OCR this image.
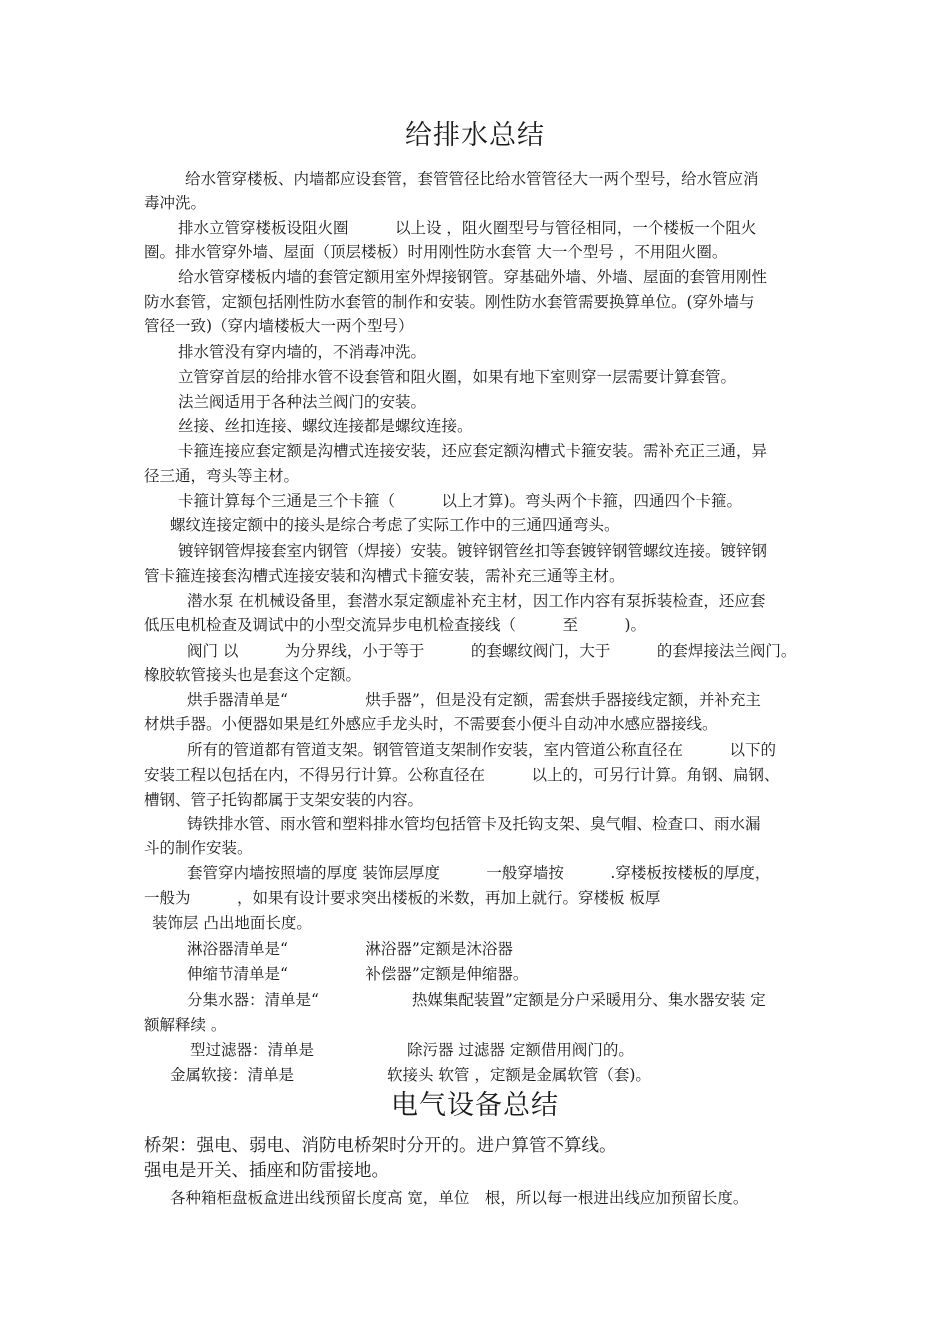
给排水总结
给水管穿楼板、内墙都应设套管，套管管径比给水管管径大一两个型号，给水管应消
毒冲洗。
排水立管穿楼板设阻火圈　　　以上设 ，阻火圈型号与管径相同，一个楼板一个阻火
圈。排水管穿外墙、屋面（顶层楼板）时用刚性防水套管 大一个型号 ，不用阻火圈。
给水管穿楼板内墙的套管定额用室外焊接钢管。穿基础外墙、外墙、屋面的套管用刚性
防水套管，定额包括刚性防水套管的制作和安装。刚性防水套管需要换算单位。(穿外墙与
管径一致)（穿内墙楼板大一两个型号）
排水管没有穿内墙的，不消毒冲洗。
立管穿首层的给排水管不设套管和阻火圈，如果有地下室则穿一层需要计算套管。
法兰阀适用于各种法兰阀门的安装。
丝接、丝扣连接、螺纹连接都是螺纹连接。
卡箍连接应套定额是沟槽式连接安装，还应套定额沟槽式卡箍安装。需补充正三通，异
径三通，弯头等主材。
卡箍计算每个三通是三个卡箍（　　　以上才算)。弯头两个卡箍，四通四个卡箍。
螺纹连接定额中的接头是综合考虑了实际工作中的三通四通弯头。
镀锌钢管焊接套室内钢管（焊接）安装。镀锌钢管丝扣等套镀锌钢管螺纹连接。镀锌钢
管卡箍连接套沟槽式连接安装和沟槽式卡箍安装，需补充三通等主材。
潜水泵 在机械设备里，套潜水泵定额虚补充主材，因工作内容有泵拆装检查，还应套
低压电机检查及调试中的小型交流异步电机检查接线（　　　至　　　)。
阀门 以　　　为分界线，小于等于　　　的套螺纹阀门，大于　　　的套焊接法兰阀门。
橡胶软管接头也是套这个定额。
烘手器清单是“　　　　　烘手器”，但是没有定额，需套烘手器接线定额，并补充主
材烘手器。小便器如果是红外感应手龙头时，不需要套小便斗自动冲水感应器接线。
所有的管道都有管道支架。钢管管道支架制作安装，室内管道公称直径在　　　以下的
安装工程以包括在内，不得另行计算。公称直径在　　　以上的，可另行计算。角钢、扁钢、
槽钢、管子托钩都属于支架安装的内容。
铸铁排水管、雨水管和塑料排水管均包括管卡及托钩支架、臭气帽、检查口、雨水漏
斗的制作安装。
套管穿内墙按照墙的厚度 装饰层厚度　　　一般穿墙按　　　.穿楼板按楼板的厚度，
一般为　　　，如果有设计要求突出楼板的米数，再加上就行。穿楼板 板厚
装饰层 凸出地面长度。
淋浴器清单是“　　　　　淋浴器”定额是沐浴器
伸缩节清单是“　　　　　补偿器”定额是伸缩器。
分集水器：清单是“　　　　　　热媒集配装置”定额是分户采暖用分、集水器安装 定
额解释续 。
型过滤器：清单是　　　　　　除污器 过滤器 定额借用阀门的。
金属软接：清单是　　　　　　软接头 软管 ，定额是金属软管（套)。
电气设备总结
桥架：强电、弱电、消防电桥架时分开的。进户算管不算线。
强电是开关、插座和防雷接地。
各种箱柜盘板盒进出线预留长度高 宽，单位　根，所以每一根进出线应加预留长度。
